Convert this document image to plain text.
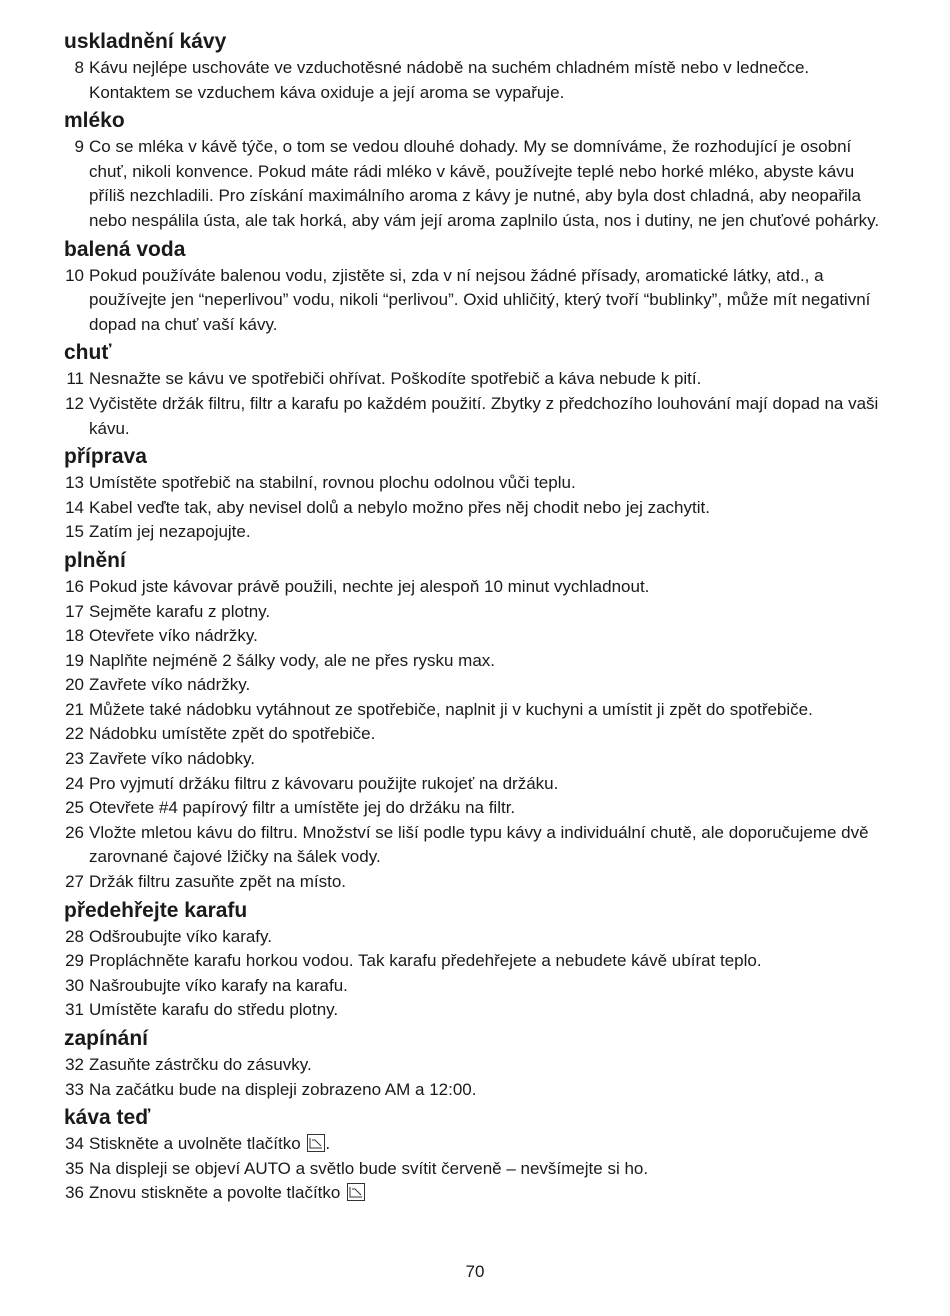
uskladnění kávy
8 Kávu nejlépe uschováte ve vzduchotěsné nádobě na suchém chladném místě nebo v lednečce. Kontaktem se vzduchem káva oxiduje a její aroma se vypařuje.
mléko
9 Co se mléka v kávě týče, o tom se vedou dlouhé dohady. My se domníváme, že rozhodující je osobní chuť, nikoli konvence. Pokud máte rádi mléko v kávě, používejte teplé nebo horké mléko, abyste kávu příliš nezchladili. Pro získání maximálního aroma z kávy je nutné, aby byla dost chladná, aby neopařila nebo nespálila ústa, ale tak horká, aby vám její aroma zaplnilo ústa, nos i dutiny, ne jen chuťové pohárky.
balená voda
10 Pokud používáte balenou vodu, zjistěte si, zda v ní nejsou žádné přísady, aromatické látky, atd., a používejte jen “neperlivou” vodu, nikoli “perlivou”. Oxid uhličitý, který tvoří “bublinky”, může mít negativní dopad na chuť vaší kávy.
chuť
11 Nesnažte se kávu ve spotřebiči ohřívat. Poškodíte spotřebič a káva nebude k pití.
12 Vyčistěte držák filtru, filtr a karafu po každém použití. Zbytky z předchozího louhování mají dopad na vaši kávu.
příprava
13 Umístěte spotřebič na stabilní, rovnou plochu odolnou vůči teplu.
14 Kabel veďte tak, aby nevisel dolů a nebylo možno přes něj chodit nebo jej zachytit.
15 Zatím jej nezapojujte.
plnění
16 Pokud jste kávovar právě použili, nechte jej alespoň 10 minut vychladnout.
17 Sejměte karafu z plotny.
18 Otevřete víko nádržky.
19 Naplňte nejméně 2 šálky vody, ale ne přes rysku max.
20 Zavřete víko nádržky.
21 Můžete také nádobku vytáhnout ze spotřebiče, naplnit ji v kuchyni a umístit ji zpět do spotřebiče.
22 Nádobku umístěte zpět do spotřebiče.
23 Zavřete víko nádobky.
24 Pro vyjmutí držáku filtru z kávovaru použijte rukojeť na držáku.
25 Otevřete #4 papírový filtr a umístěte jej do držáku na filtr.
26 Vložte mletou kávu do filtru. Množství se liší podle typu kávy a individuální chutě, ale doporučujeme dvě zarovnané čajové lžičky na šálek vody.
27 Držák filtru zasuňte zpět na místo.
předehřejte karafu
28 Odšroubujte víko karafy.
29 Propláchněte karafu horkou vodou. Tak karafu předehřejete a nebudete kávě ubírat teplo.
30 Našroubujte víko karafy na karafu.
31 Umístěte karafu do středu plotny.
zapínání
32 Zasuňte zástrčku do zásuvky.
33 Na začátku bude na displeji zobrazeno AM a 12:00.
káva teď
34 Stiskněte a uvolněte tlačítko .
35 Na displeji se objeví AUTO a světlo bude svítit červeně – nevšímejte si ho.
36 Znovu stiskněte a povolte tlačítko
70
